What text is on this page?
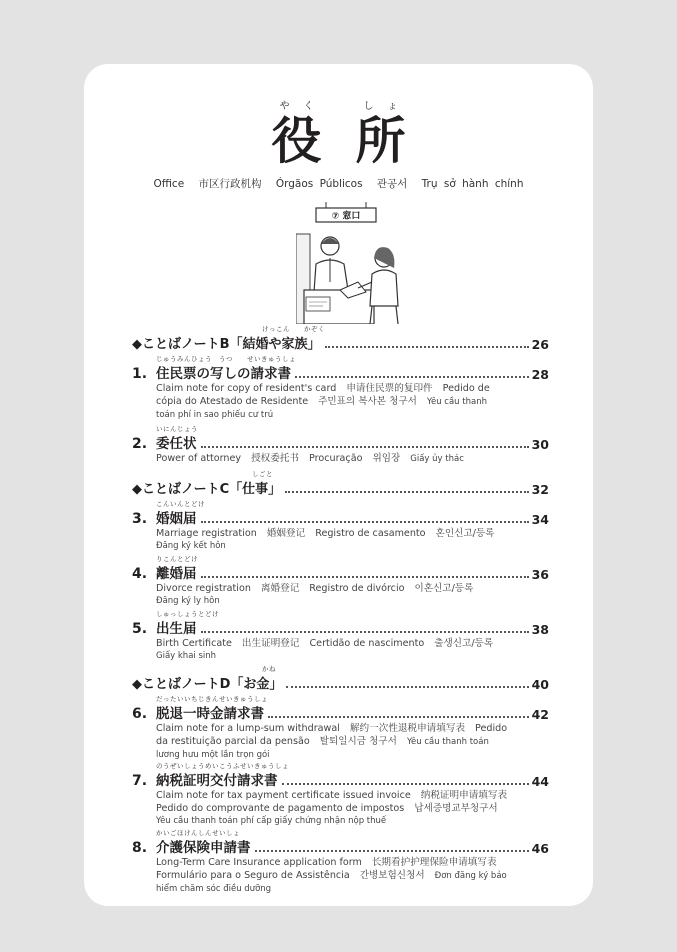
やく
役
しょ
所
Office 市区行政机构 Órgãos Públicos 관공서 Trụ sở hành chính
⑦ 窓口
けっこん　　かぞく
◆ことばノートB「結婚や家族」	26
じゅうみんひょう　うつ　　せいきゅうしょ
1. 住民票の写しの請求書	28
Claim note for copy of resident's card 申请住民票的复印件 Pedido de
cópia do Atestado de Residente 주민표의 복사본 청구서 Yêu cầu thanh
toán phí in sao phiếu cư trú
いにんじょう
2. 委任状	30
Power of attorney 授权委托书 Procuração 위임장 Giấy ủy thác
しごと
◆ことばノートC「仕事」	32
こんいんとどけ
3. 婚姻届	34
Marriage registration 婚姻登记 Registro de casamento 혼인신고/등록
Đăng ký kết hôn
りこんとどけ
4. 離婚届	36
Divorce registration 离婚登记 Registro de divórcio 이혼신고/등록
Đăng ký ly hôn
しゅっしょうとどけ
5. 出生届	38
Birth Certificate 出生证明登记 Certidão de nascimento 출생신고/등록
Giấy khai sinh
かね
◆ことばノートD「お金」	40
だったいいちじきんせいきゅうしょ
6. 脱退一時金請求書	42
Claim note for a lump-sum withdrawal 解约一次性退税申请填写表 Pedido
da restituição parcial da pensão 탈퇴일시금 청구서 Yêu cầu thanh toán
lương hưu một lần trọn gói
のうぜいしょうめいこうふせいきゅうしょ
7. 納税証明交付請求書	44
Claim note for tax payment certificate issued invoice 纳税证明申请填写表
Pedido do comprovante de pagamento de impostos 납세증명교부청구서
Yêu cầu thanh toán phí cấp giấy chứng nhận nộp thuế
かいごほけんしんせいしょ
8. 介護保険申請書	46
Long-Term Care Insurance application form 长期看护护理保险申请填写表
Formulário para o Seguro de Assistência 간병보험신청서 Đơn đăng ký bảo
hiểm chăm sóc điều dưỡng
